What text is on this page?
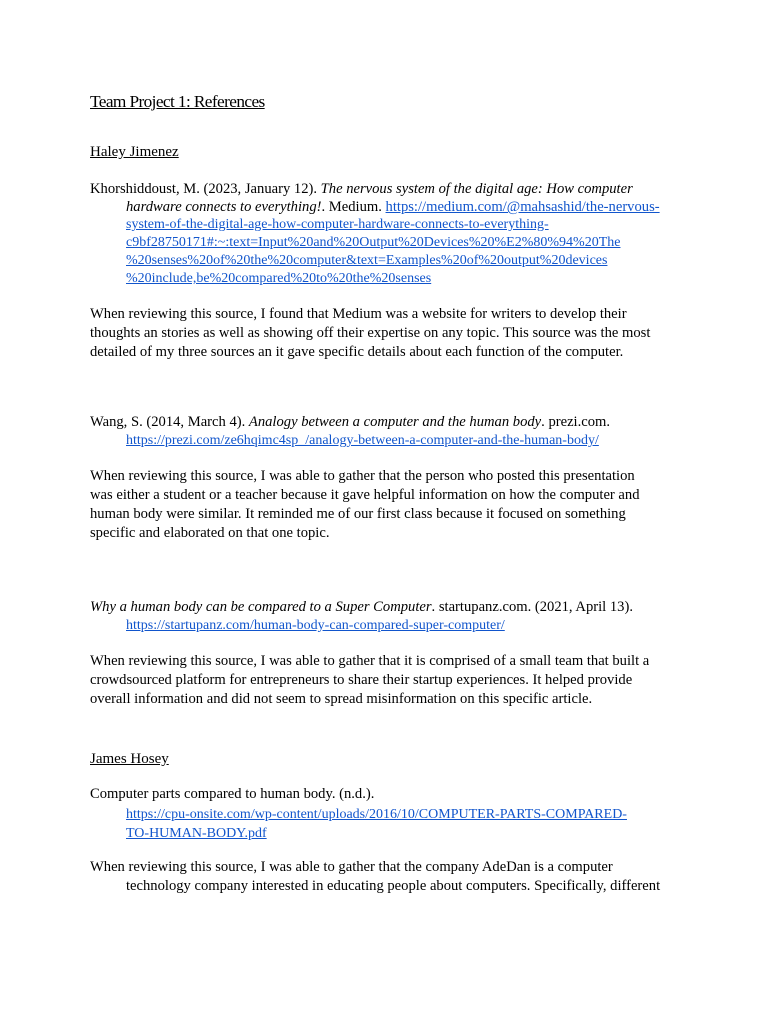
Team Project 1: References
Haley Jimenez
Khorshiddoust, M. (2023, January 12). The nervous system of the digital age: How computer
hardware connects to everything!. Medium. https://medium.com/@mahsashid/the-nervous-
system-of-the-digital-age-how-computer-hardware-connects-to-everything-
c9bf28750171#:~:text=Input%20and%20Output%20Devices%20%E2%80%94%20The
%20senses%20of%20the%20computer&text=Examples%20of%20output%20devices
%20include,be%20compared%20to%20the%20senses
When reviewing this source, I found that Medium was a website for writers to develop their
thoughts an stories as well as showing off their expertise on any topic. This source was the most
detailed of my three sources an it gave specific details about each function of the computer.
Wang, S. (2014, March 4). Analogy between a computer and the human body. prezi.com.
https://prezi.com/ze6hqimc4sp_/analogy-between-a-computer-and-the-human-body/
When reviewing this source, I was able to gather that the person who posted this presentation
was either a student or a teacher because it gave helpful information on how the computer and
human body were similar. It reminded me of our first class because it focused on something
specific and elaborated on that one topic.
Why a human body can be compared to a Super Computer. startupanz.com. (2021, April 13).
https://startupanz.com/human-body-can-compared-super-computer/
When reviewing this source, I was able to gather that it is comprised of a small team that built a
crowdsourced platform for entrepreneurs to share their startup experiences. It helped provide
overall information and did not seem to spread misinformation on this specific article.
James Hosey
Computer parts compared to human body. (n.d.).
https://cpu-onsite.com/wp-content/uploads/2016/10/COMPUTER-PARTS-COMPARED-
TO-HUMAN-BODY.pdf
When reviewing this source, I was able to gather that the company AdeDan is a computer
technology company interested in educating people about computers. Specifically, different
